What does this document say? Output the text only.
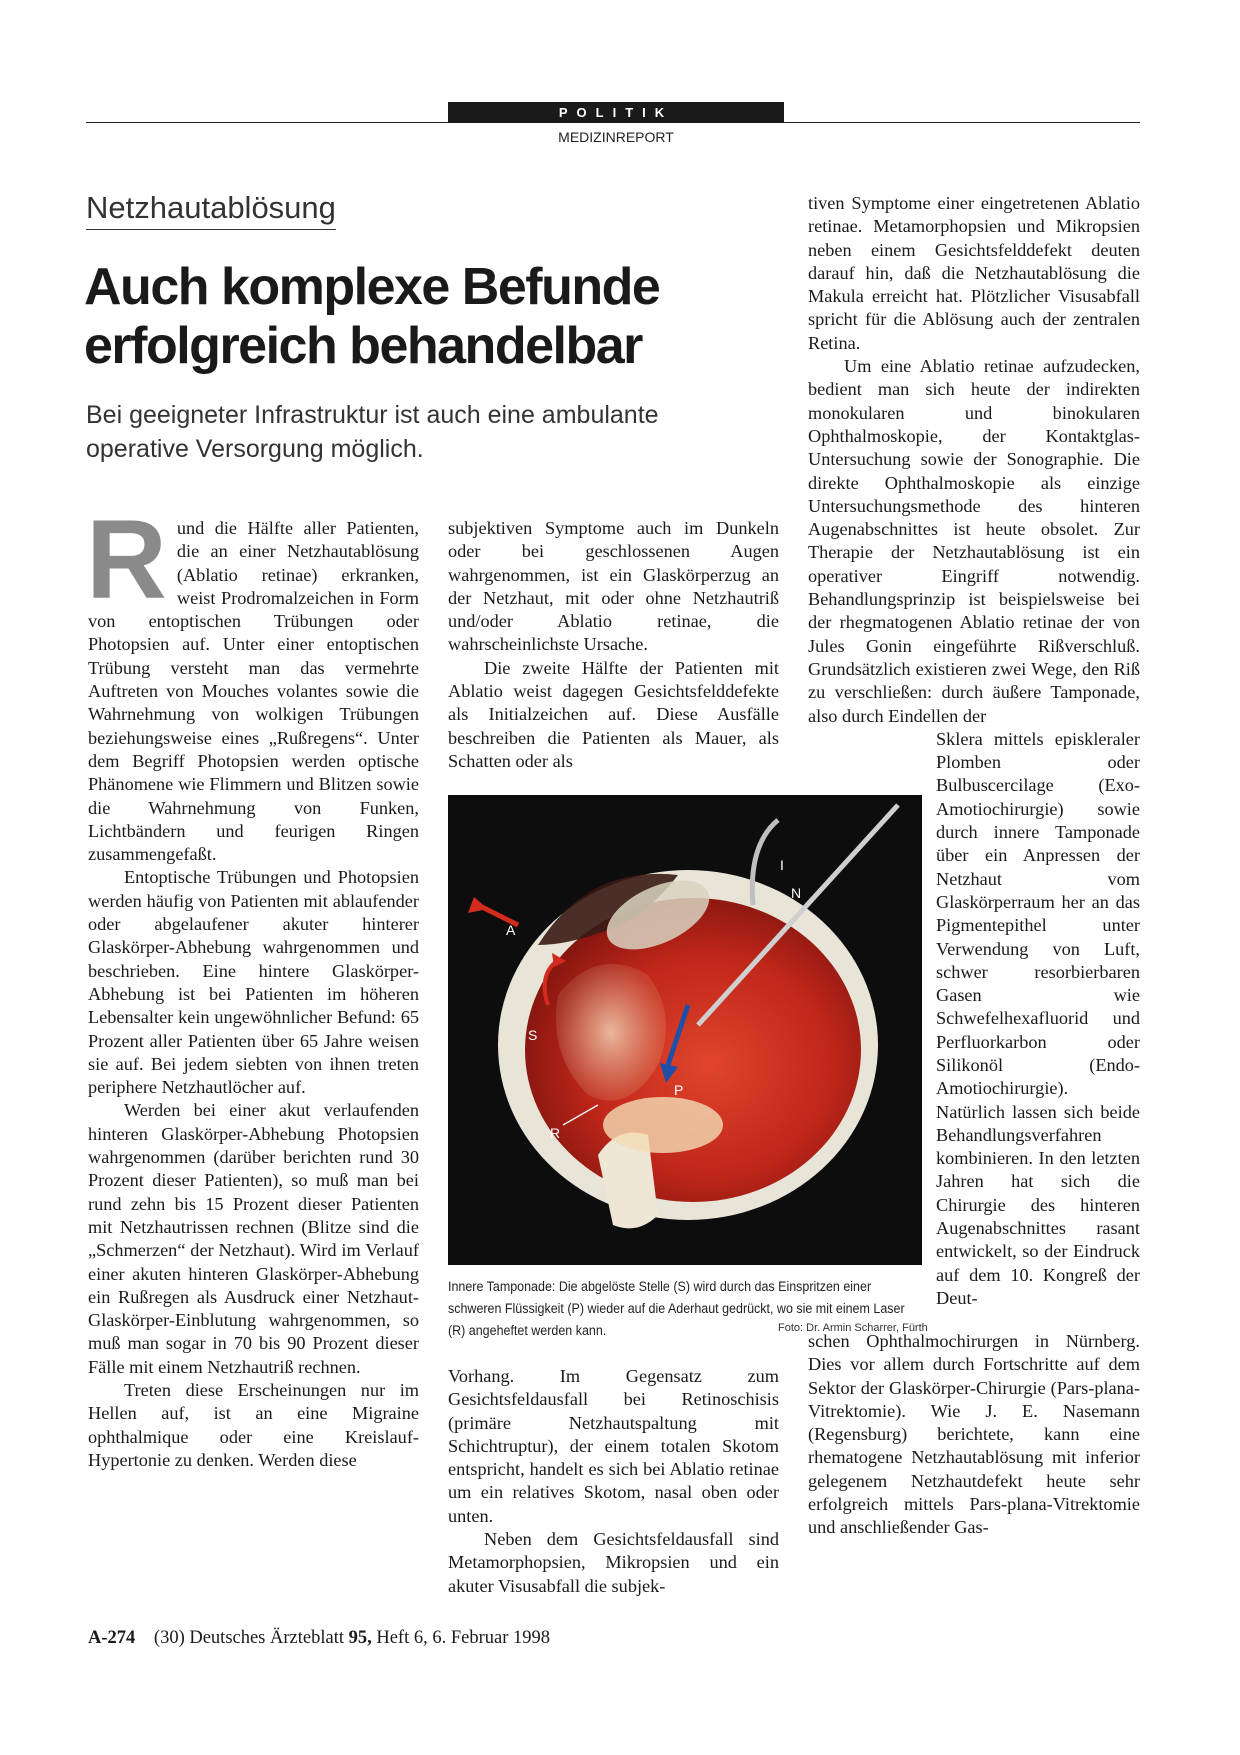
POLITIK
MEDIZINREPORT
Netzhautablösung
Auch komplexe Befunde erfolgreich behandelbar

Bei geeigneter Infrastruktur ist auch eine ambulante operative Versorgung möglich.

Rund die Hälfte aller Patienten, die an einer Netzhautablösung (Ablatio retinae) erkranken, weist Prodromalzeichen in Form von entoptischen Trübungen oder Photopsien auf. Unter einer entoptischen Trübung versteht man das vermehrte Auftreten von Mouches volantes sowie die Wahrnehmung von wolkigen Trübungen beziehungsweise eines „Rußregens“. Unter dem Begriff Photopsien werden optische Phänomene wie Flimmern und Blitzen sowie die Wahrnehmung von Funken, Lichtbändern und feurigen Ringen zusammengefaßt.

Entoptische Trübungen und Photopsien werden häufig von Patienten mit ablaufender oder abgelaufener akuter hinterer Glaskörper-Abhebung wahrgenommen und beschrieben. Eine hintere Glaskörper-Abhebung ist bei Patienten im höheren Lebensalter kein ungewöhnlicher Befund: 65 Prozent aller Patienten über 65 Jahre weisen sie auf. Bei jedem siebten von ihnen treten periphere Netzhautlöcher auf.

Werden bei einer akut verlaufenden hinteren Glaskörper-Abhebung Photopsien wahrgenommen (darüber berichten rund 30 Prozent dieser Patienten), so muß man bei rund zehn bis 15 Prozent dieser Patienten mit Netzhautrissen rechnen (Blitze sind die „Schmerzen“ der Netzhaut). Wird im Verlauf einer akuten hinteren Glaskörper-Abhebung ein Rußregen als Ausdruck einer Netzhaut-Glaskörper-Einblutung wahrgenommen, so muß man sogar in 70 bis 90 Prozent dieser Fälle mit einem Netzhautriß rechnen.

Treten diese Erscheinungen nur im Hellen auf, ist an eine Migraine ophthalmique oder eine Kreislauf-Hypertonie zu denken. Werden diese

subjektiven Symptome auch im Dunkeln oder bei geschlossenen Augen wahrgenommen, ist ein Glaskörperzug an der Netzhaut, mit oder ohne Netzhautriß und/oder Ablatio retinae, die wahrscheinlichste Ursache.

Die zweite Hälfte der Patienten mit Ablatio weist dagegen Gesichtsfelddefekte als Initialzeichen auf. Diese Ausfälle beschreiben die Patienten als Mauer, als Schatten oder als

A
S
P
R
I
N
Innere Tamponade: Die abgelöste Stelle (S) wird durch das Einspritzen einer schweren Flüssigkeit (P) wieder auf die Aderhaut gedrückt, wo sie mit einem Laser (R) angeheftet werden kann.	Foto: Dr. Armin Scharrer, Fürth

Vorhang. Im Gegensatz zum Gesichtsfeldausfall bei Retinoschisis (primäre Netzhautspaltung mit Schichtruptur), der einem totalen Skotom entspricht, handelt es sich bei Ablatio retinae um ein relatives Skotom, nasal oben oder unten.

Neben dem Gesichtsfeldausfall sind Metamorphopsien, Mikropsien und ein akuter Visusabfall die subjek-

tiven Symptome einer eingetretenen Ablatio retinae. Metamorphopsien und Mikropsien neben einem Gesichtsfelddefekt deuten darauf hin, daß die Netzhautablösung die Makula erreicht hat. Plötzlicher Visusabfall spricht für die Ablösung auch der zentralen Retina.

Um eine Ablatio retinae aufzudecken, bedient man sich heute der indirekten monokularen und binokularen Ophthalmoskopie, der Kontaktglas-Untersuchung sowie der Sonographie. Die direkte Ophthalmoskopie als einzige Untersuchungsmethode des hinteren Augenabschnittes ist heute obsolet. Zur Therapie der Netzhautablösung ist ein operativer Eingriff notwendig. Behandlungsprinzip ist beispielsweise bei der rhegmatogenen Ablatio retinae der von Jules Gonin eingeführte Rißverschluß. Grundsätzlich existieren zwei Wege, den Riß zu verschließen: durch äußere Tamponade, also durch Eindellen der

Sklera mittels episkleraler Plomben oder Bulbuscercilage (Exo-Amotiochirurgie) sowie durch innere Tamponade über ein Anpressen der Netzhaut vom Glaskörperraum her an das Pigmentepithel unter Verwendung von Luft, schwer resorbierbaren Gasen wie Schwefelhexafluorid und Perfluorkarbon oder Silikonöl (Endo-Amotiochirurgie). Natürlich lassen sich beide Behandlungsverfahren kombinieren. In den letzten Jahren hat sich die Chirurgie des hinteren Augenabschnittes rasant entwickelt, so der Eindruck auf dem 10. Kongreß der Deut-

schen Ophthalmochirurgen in Nürnberg. Dies vor allem durch Fortschritte auf dem Sektor der Glaskörper-Chirurgie (Pars-plana-Vitrektomie). Wie J. E. Nasemann (Regensburg) berichtete, kann eine rhematogene Netzhautablösung mit inferior gelegenem Netzhautdefekt heute sehr erfolgreich mittels Pars-plana-Vitrektomie und anschließender Gas-

A-274 (30) Deutsches Ärzteblatt 95, Heft 6, 6. Februar 1998
